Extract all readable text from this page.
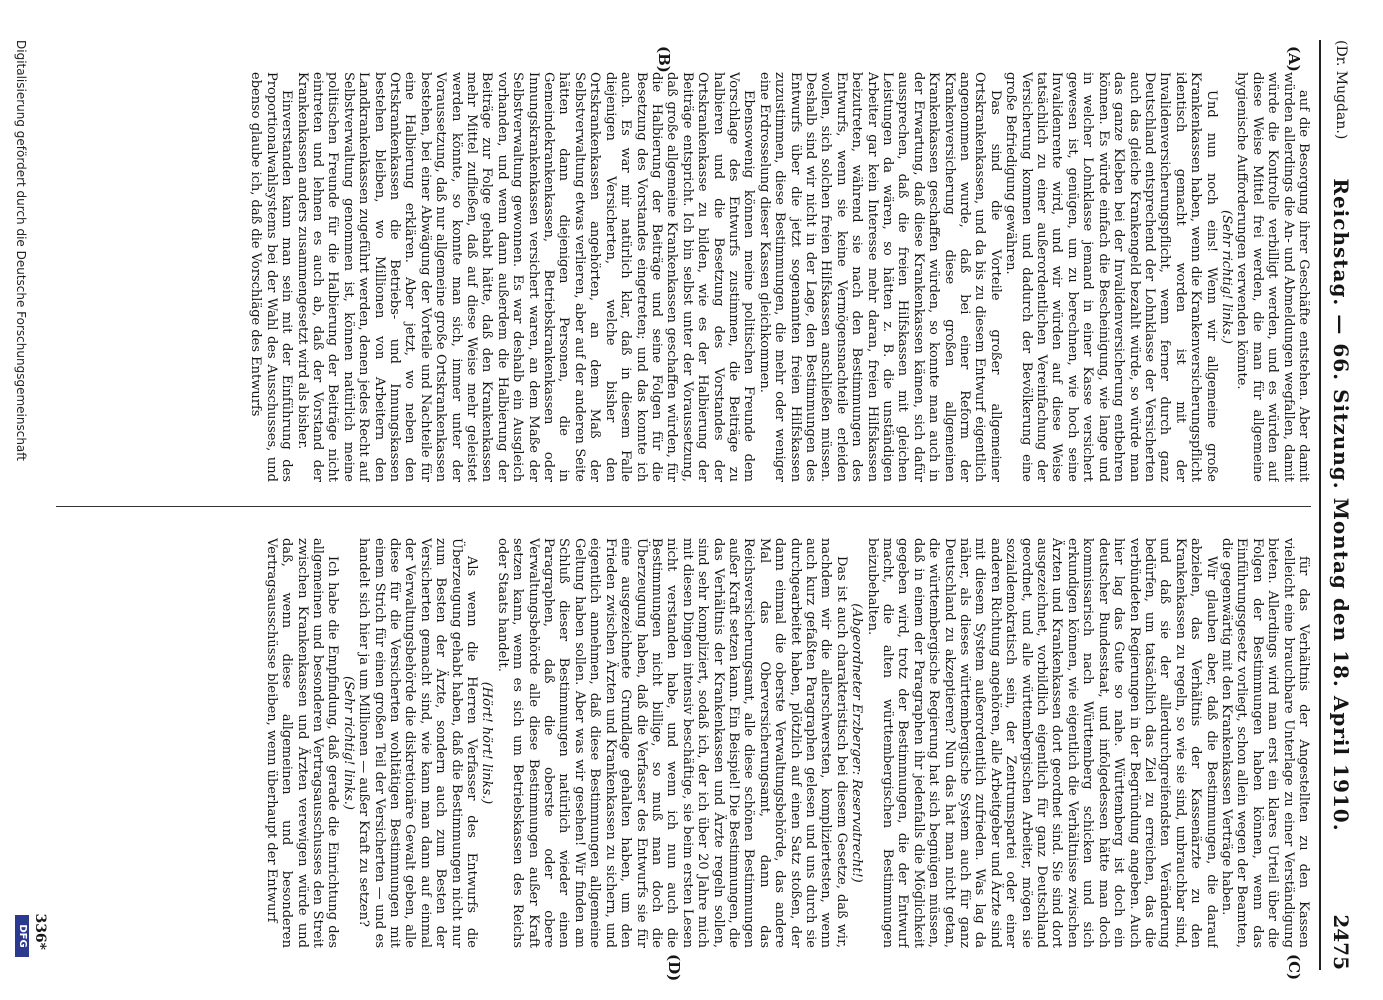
(Dr. Mugdan.)
Reichstag. — 66. Sitzung. Montag den 18. April 1910.
2475
(A)
(B)
(C)
(D)

auf die Besorgung ihrer Geschäfte entstehen. Aber damit würden allerdings die An- und Abmeldungen wegfallen, damit würde die Kontrolle verbilligt werden, und es würden auf diese Weise Mittel frei werden, die man für allgemeine hygienische Aufforderungen verwenden könnte.

(Sehr richtig! links.)

Und nun noch eins! Wenn wir allgemeine große Krankenkassen haben, wenn die Krankenversicherungspflicht identisch gemacht worden ist mit der Invalidenversicherungspflicht, wenn ferner durch ganz Deutschland entsprechend der Lohnklasse der Versicherten auch das gleiche Krankengeld bezahlt würde, so würde man das ganze Kleben bei der Invalidenversicherung entbehren können. Es würde einfach die Bescheinigung, wie lange und in welcher Lohnklasse jemand in einer Kasse versichert gewesen ist, genügen, um zu berechnen, wie hoch seine Invalidenrente wird, und wir würden auf diese Weise tatsächlich zu einer außerordentlichen Vereinfachung der Versicherung kommen und dadurch der Bevölkerung eine große Befriedigung gewähren.

Das sind die Vorteile großer allgemeiner Ortskrankenkassen, und da bis zu diesem Entwurf eigentlich angenommen wurde, daß bei einer Reform der Krankenversicherung diese großen allgemeinen Krankenkassen geschaffen würden, so konnte man auch in der Erwartung, daß diese Krankenkassen kämen, sich dafür aussprechen, daß die freien Hilfskassen mit gleichen Leistungen da wären, so hätten z. B. die unständigen Arbeiter gar kein Interesse mehr daran, freien Hilfskassen beizutreten, während sie nach den Bestimmungen des Entwurfs, wenn sie keine Vermögensnachteile erleiden wollen, sich solchen freien Hilfskassen anschließen müssen. Deshalb sind wir nicht in der Lage, den Bestimmungen des Entwurfs über die jetzt sogenannten freien Hilfskassen zuzustimmen, diese Bestimmungen, die mehr oder weniger eine Erdrosselung dieser Kassen gleichkommen.

Ebensowenig können meine politischen Freunde dem Vorschlage des Entwurfs zustimmen, die Beiträge zu halbieren und die Besetzung des Vorstandes der Ortskrankenkasse zu bilden, wie es der Halbierung der Beiträge entspricht. Ich bin selbst unter der Voraussetzung, daß große allgemeine Krankenkassen geschaffen würden, für die Halbierung der Beiträge und seine Folgen für die Besetzung des Vorstandes eingetreten; und das konnte ich auch. Es war mir natürlich klar, daß in diesem Falle diejenigen Versicherten, welche bisher den Ortskrankenkassen angehörten, an dem Maß der Selbstverwaltung etwas verlieren, aber auf der anderen Seite hätten dann diejenigen Personen, die in Gemeindekrankenkassen, Betriebskrankenkassen oder Innungskrankenkassen versichert waren, an dem Maße der Selbstverwaltung gewonnen. Es war deshalb ein Ausgleich vorhanden, und wenn dann außerdem die Halbierung der Beiträge zur Folge gehabt hätte, daß den Krankenkassen mehr Mittel zufließen, daß auf diese Weise mehr geleistet werden könnte, so konnte man sich, immer unter der Voraussetzung, daß nur allgemeine große Ortskrankenkassen bestehen, bei einer Abwägung der Vorteile und Nachteile für eine Halbierung erklären. Aber jetzt, wo neben den Ortskrankenkassen die Betriebs- und Innungskassen bestehen bleiben, wo Millionen von Arbeitern den Landkrankenkassen zugeführt werden, denen jedes Recht auf Selbstverwaltung genommen ist, können natürlich meine politischen Freunde für die Halbierung der Beiträge nicht eintreten und lehnen es auch ab, daß der Vorstand der Krankenkassen anders zusammengesetzt wird als bisher.

Einverstanden kann man sein mit der Einführung des Proportionalwahlsystems bei der Wahl des Ausschusses, und ebenso glaube ich, daß die Vorschläge des Entwurfs

für das Verhältnis der Angestellten zu den Kassen vielleicht eine brauchbare Unterlage zu einer Verständigung bieten. Allerdings wird man erst ein klares Urteil über die Folgen der Bestimmungen haben können, wenn das Einführungsgesetz vorliegt, schon allein wegen der Beamten, die gegenwärtig mit den Krankenkassen Verträge haben.

Wir glauben aber, daß die Bestimmungen, die darauf abzielen, das Verhältnis der Kassenärzte zu den Krankenkassen zu regeln, so wie sie sind, unbrauchbar sind, und daß sie der allerdurchgreifendsten Veränderung bedürfen, um tatsächlich das Ziel zu erreichen, das die verbündeten Regierungen in der Begründung angeben. Auch hier lag das Gute so nahe. Württemberg ist doch ein deutscher Bundesstaat, und infolgedessen hätte man doch kommissarisch nach Württemberg schicken und sich erkundigen können, wie eigentlich die Verhältnisse zwischen Ärzten und Krankenkassen dort geordnet sind. Sie sind dort ausgezeichnet, vorbildlich eigentlich für ganz Deutschland geordnet, und alle württembergischen Arbeiter, mögen sie sozialdemokratisch sein, der Zentrumspartei oder einer anderen Richtung angehören, alle Arbeitgeber und Ärzte sind mit diesem System außerordentlich zufrieden. Was lag da näher, als dieses württembergische System auch für ganz Deutschland zu akzeptieren? Nun das hat man nicht getan, die württembergische Regierung hat sich begnügen müssen, daß in einem der Paragraphen ihr jedenfalls die Möglichkeit gegeben wird, trotz der Bestimmungen, die der Entwurf macht, die alten württembergischen Bestimmungen beizubehalten.

(Abgeordneter Erzberger: Reservatrecht!)

Das ist auch charakteristisch bei diesem Gesetze, daß wir, nachdem wir die allerschwersten, kompliziertesten, wenn auch kurz gefaßten Paragraphen gelesen und uns durch sie durchgearbeitet haben, plötzlich auf einen Satz stoßen, der dann einmal die oberste Verwaltungsbehörde, das andere Mal das Oberversicherungsamt, dann das Reichsversicherungsamt, alle diese schönen Bestimmungen außer Kraft setzen kann. Ein Beispiel! Die Bestimmungen, die das Verhältnis der Krankenkassen und Ärzte regeln sollen, sind sehr kompliziert, sodaß ich, der ich über 20 Jahre mich mit diesen Dingen intensiv beschäftige, sie beim ersten Lesen nicht verstanden habe, und wenn ich nun auch die Bestimmungen nicht billige, so muß man doch die Überzeugung haben, daß die Verfasser des Entwurfs sie für eine ausgezeichnete Grundlage gehalten haben, um den Frieden zwischen Ärzten und Krankenkassen zu sichern, und eigentlich annehmen, daß diese Bestimmungen allgemeine Geltung haben sollen. Aber was wir gesehen! Wir finden am Schluß dieser Bestimmungen natürlich wieder einen Paragraphen, daß die oberste oder obere Verwaltungsbehörde alle diese Bestimmungen außer Kraft setzen kann, wenn es sich um Betriebskassen des Reichs oder Staats handelt.

(Hört! hört! links.)

Als wenn die Herren Verfasser des Entwurfs die Überzeugung gehabt haben, daß die Bestimmungen nicht nur zum Besten der Ärzte, sondern auch zum Besten der Versicherten gemacht sind, wie kann man dann auf einmal der Verwaltungsbehörde die diskretionäre Gewalt geben, alle diese für die Versicherten wohltätigen Bestimmungen mit einem Strich für einen großen Teil der Versicherten — und es handelt sich hier ja um Millionen — außer Kraft zu setzen?

(Sehr richtig! links.)

Ich habe die Empfindung, daß gerade die Einrichtung des allgemeinen und besonderen Vertragsausschusses den Streit zwischen Krankenkassen und Ärzten verewigen würde und daß, wenn diese allgemeinen und besonderen Vertragsausschüsse bleiben, wenn überhaupt der Entwurf

336*
Digitalisierung gefördert durch die Deutsche Forschungsgemeinschaft
DFG
